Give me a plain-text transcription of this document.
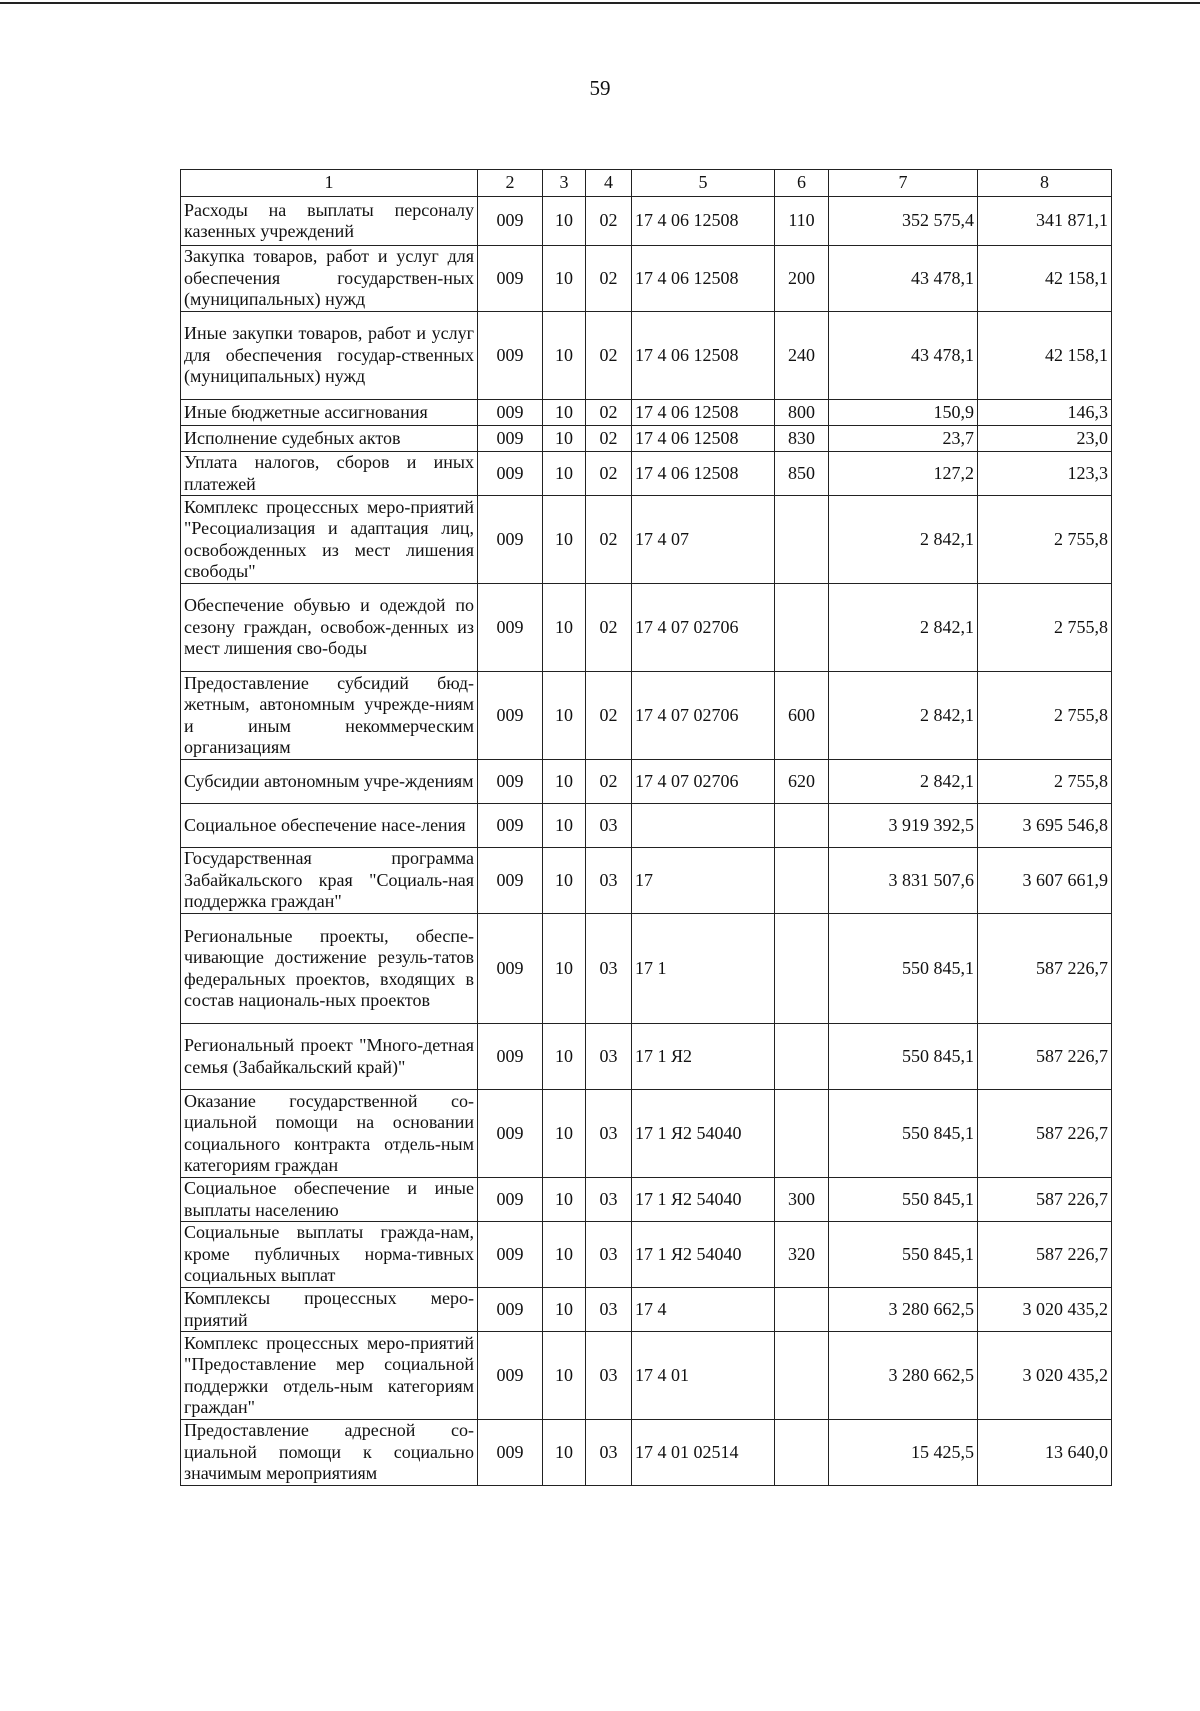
59
1	2	3	4	5	6	7	8
Расходы на выплаты персоналу казенных учреждений	009	10	02	17 4 06 12508	110	352 575,4	341 871,1
Закупка товаров, работ и услуг для обеспечения государствен-ных (муниципальных) нужд	009	10	02	17 4 06 12508	200	43 478,1	42 158,1
Иные закупки товаров, работ и услуг для обеспечения государ-ственных (муниципальных) нужд	009	10	02	17 4 06 12508	240	43 478,1	42 158,1
Иные бюджетные ассигнования	009	10	02	17 4 06 12508	800	150,9	146,3
Исполнение судебных актов	009	10	02	17 4 06 12508	830	23,7	23,0
Уплата налогов, сборов и иных платежей	009	10	02	17 4 06 12508	850	127,2	123,3
Комплекс процессных меро-приятий "Ресоциализация и адаптация лиц, освобожденных из мест лишения свободы"	009	10	02	17 4 07		2 842,1	2 755,8
Обеспечение обувью и одеждой по сезону граждан, освобож-денных из мест лишения сво-боды	009	10	02	17 4 07 02706		2 842,1	2 755,8
Предоставление субсидий бюд-жетным, автономным учрежде-ниям и иным некоммерческим организациям	009	10	02	17 4 07 02706	600	2 842,1	2 755,8
Субсидии автономным учре-ждениям	009	10	02	17 4 07 02706	620	2 842,1	2 755,8
Социальное обеспечение насе-ления	009	10	03			3 919 392,5	3 695 546,8
Государственная программа Забайкальского края "Социаль-ная поддержка граждан"	009	10	03	17		3 831 507,6	3 607 661,9
Региональные проекты, обеспе-чивающие достижение резуль-татов федеральных проектов, входящих в состав националь-ных проектов	009	10	03	17 1		550 845,1	587 226,7
Региональный проект "Много-детная семья (Забайкальский край)"	009	10	03	17 1 Я2		550 845,1	587 226,7
Оказание государственной со-циальной помощи на основании социального контракта отдель-ным категориям граждан	009	10	03	17 1 Я2 54040		550 845,1	587 226,7
Социальное обеспечение и иные выплаты населению	009	10	03	17 1 Я2 54040	300	550 845,1	587 226,7
Социальные выплаты гражда-нам, кроме публичных норма-тивных социальных выплат	009	10	03	17 1 Я2 54040	320	550 845,1	587 226,7
Комплексы процессных меро-приятий	009	10	03	17 4		3 280 662,5	3 020 435,2
Комплекс процессных меро-приятий "Предоставление мер социальной поддержки отдель-ным категориям граждан"	009	10	03	17 4 01		3 280 662,5	3 020 435,2
Предоставление адресной со-циальной помощи к социально значимым мероприятиям	009	10	03	17 4 01 02514		15 425,5	13 640,0
